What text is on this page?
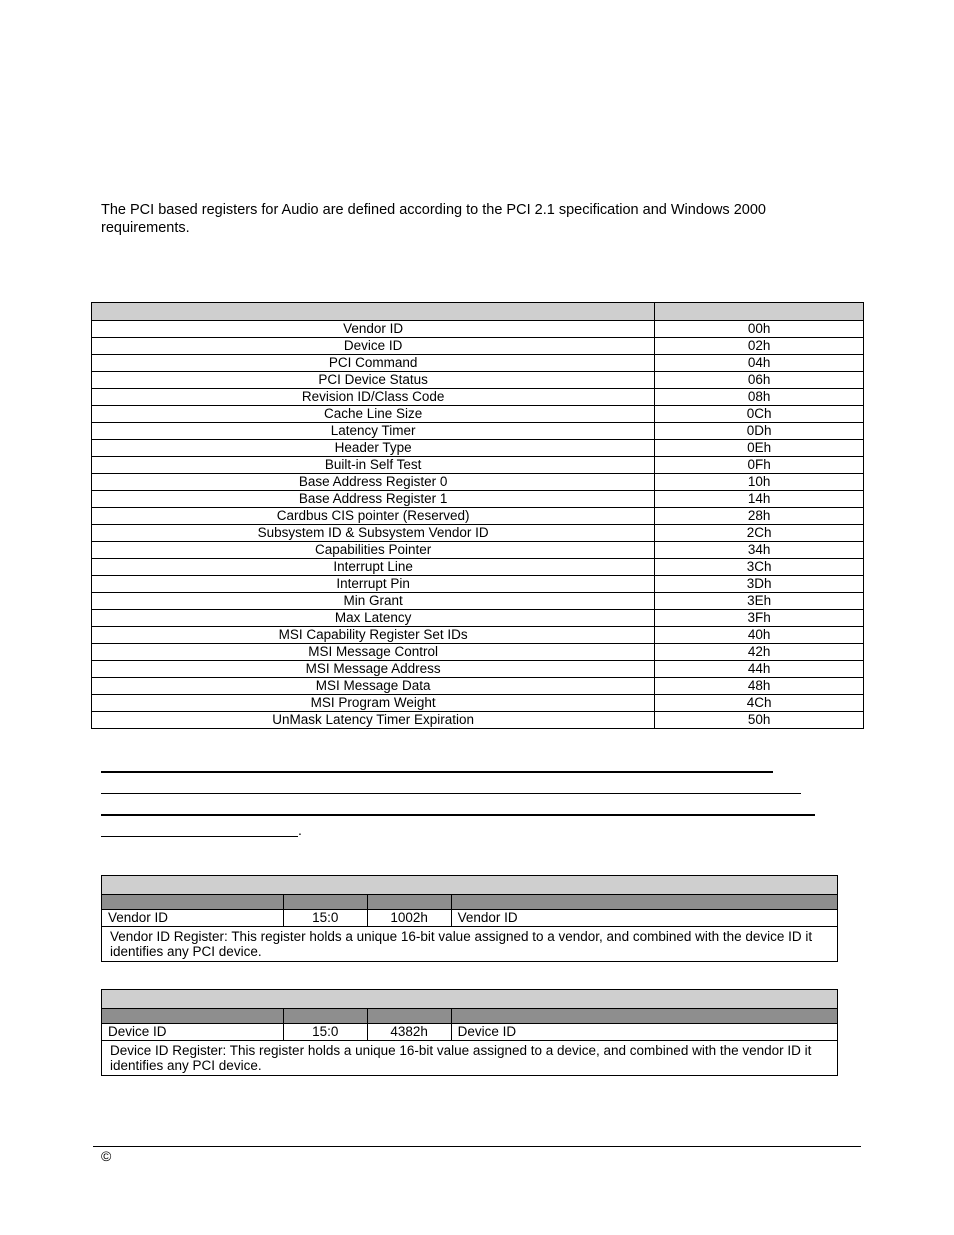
The PCI based registers for Audio are defined according to the PCI 2.1 specification and Windows 2000 requirements.

Vendor ID	00h
Device ID	02h
PCI Command	04h
PCI Device Status	06h
Revision ID/Class Code	08h
Cache Line Size	0Ch
Latency Timer	0Dh
Header Type	0Eh
Built-in Self Test	0Fh
Base Address Register 0	10h
Base Address Register 1	14h
Cardbus CIS pointer (Reserved)	28h
Subsystem ID & Subsystem Vendor ID	2Ch
Capabilities Pointer	34h
Interrupt Line	3Ch
Interrupt Pin	3Dh
Min Grant	3Eh
Max Latency	3Fh
MSI Capability Register Set IDs	40h
MSI Message Control	42h
MSI Message Address	44h
MSI Message Data	48h
MSI Program Weight	4Ch
UnMask Latency Timer Expiration	50h
.

Vendor ID	15:0	1002h	Vendor ID
Vendor ID Register: This register holds a unique 16-bit value assigned to a vendor, and combined with the device ID it identifies any PCI device.			

Device ID	15:0	4382h	Device ID
Device ID Register: This register holds a unique 16-bit value assigned to a device, and combined with the vendor ID it identifies any PCI device.			
©
